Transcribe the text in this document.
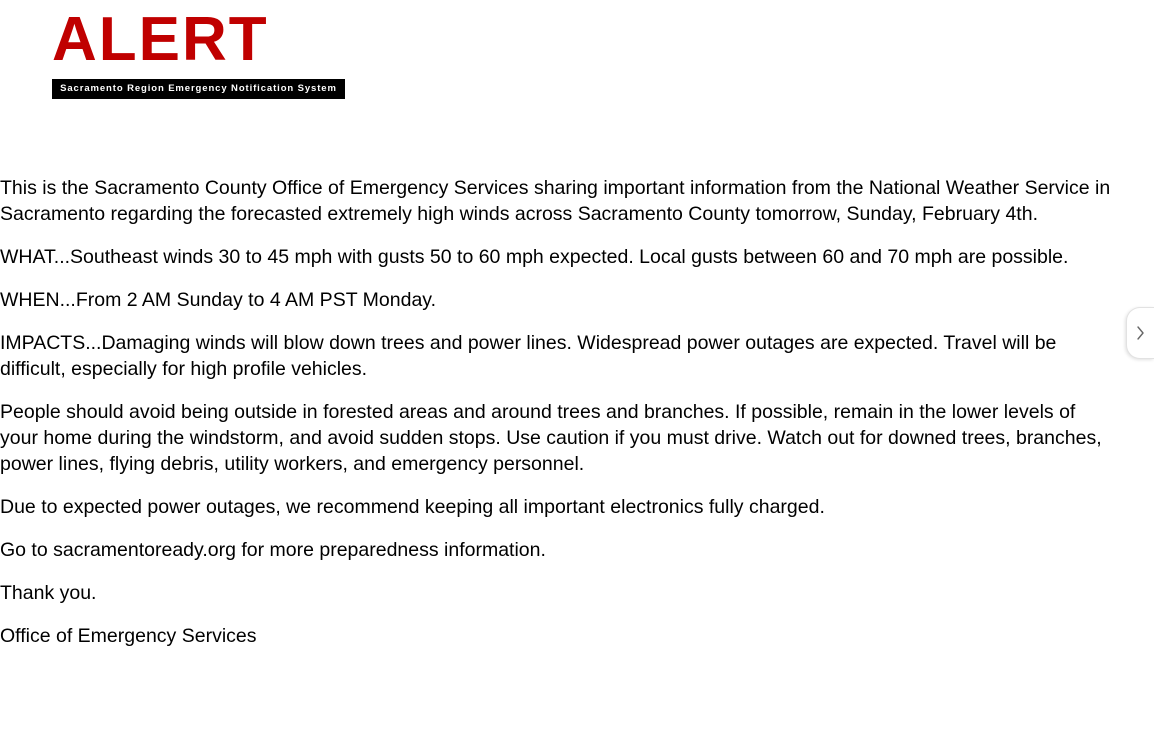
ALERT
Sacramento Region Emergency Notification System

This is the Sacramento County Office of Emergency Services sharing important information from the National Weather Service in Sacramento regarding the forecasted extremely high winds across Sacramento County tomorrow, Sunday, February 4th.

WHAT...Southeast winds 30 to 45 mph with gusts 50 to 60 mph expected. Local gusts between 60 and 70 mph are possible.

WHEN...From 2 AM Sunday to 4 AM PST Monday.

IMPACTS...Damaging winds will blow down trees and power lines. Widespread power outages are expected. Travel will be difficult, especially for high profile vehicles.

People should avoid being outside in forested areas and around trees and branches. If possible, remain in the lower levels of your home during the windstorm, and avoid sudden stops. Use caution if you must drive. Watch out for downed trees, branches, power lines, flying debris, utility workers, and emergency personnel.

Due to expected power outages, we recommend keeping all important electronics fully charged.

Go to sacramentoready.org for more preparedness information.

Thank you.

Office of Emergency Services
